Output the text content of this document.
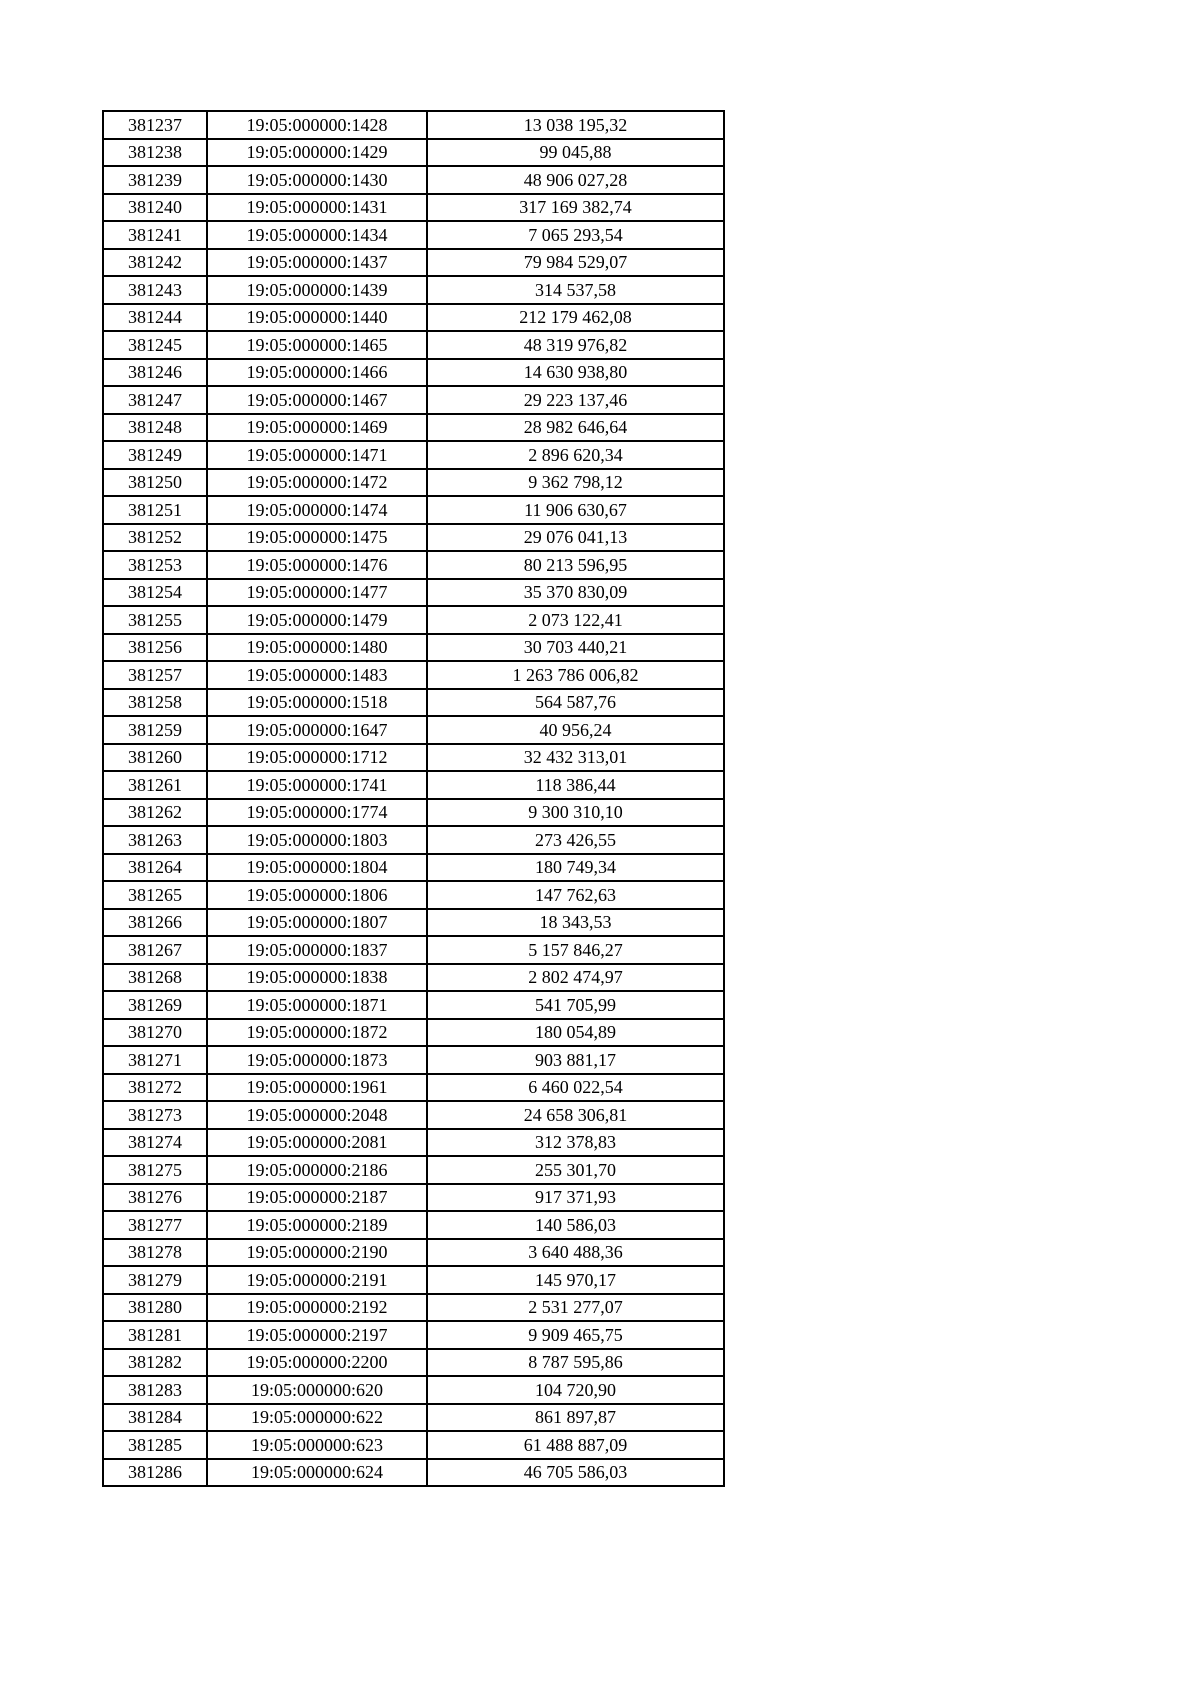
381237	19:05:000000:1428	13 038 195,32
381238	19:05:000000:1429	99 045,88
381239	19:05:000000:1430	48 906 027,28
381240	19:05:000000:1431	317 169 382,74
381241	19:05:000000:1434	7 065 293,54
381242	19:05:000000:1437	79 984 529,07
381243	19:05:000000:1439	314 537,58
381244	19:05:000000:1440	212 179 462,08
381245	19:05:000000:1465	48 319 976,82
381246	19:05:000000:1466	14 630 938,80
381247	19:05:000000:1467	29 223 137,46
381248	19:05:000000:1469	28 982 646,64
381249	19:05:000000:1471	2 896 620,34
381250	19:05:000000:1472	9 362 798,12
381251	19:05:000000:1474	11 906 630,67
381252	19:05:000000:1475	29 076 041,13
381253	19:05:000000:1476	80 213 596,95
381254	19:05:000000:1477	35 370 830,09
381255	19:05:000000:1479	2 073 122,41
381256	19:05:000000:1480	30 703 440,21
381257	19:05:000000:1483	1 263 786 006,82
381258	19:05:000000:1518	564 587,76
381259	19:05:000000:1647	40 956,24
381260	19:05:000000:1712	32 432 313,01
381261	19:05:000000:1741	118 386,44
381262	19:05:000000:1774	9 300 310,10
381263	19:05:000000:1803	273 426,55
381264	19:05:000000:1804	180 749,34
381265	19:05:000000:1806	147 762,63
381266	19:05:000000:1807	18 343,53
381267	19:05:000000:1837	5 157 846,27
381268	19:05:000000:1838	2 802 474,97
381269	19:05:000000:1871	541 705,99
381270	19:05:000000:1872	180 054,89
381271	19:05:000000:1873	903 881,17
381272	19:05:000000:1961	6 460 022,54
381273	19:05:000000:2048	24 658 306,81
381274	19:05:000000:2081	312 378,83
381275	19:05:000000:2186	255 301,70
381276	19:05:000000:2187	917 371,93
381277	19:05:000000:2189	140 586,03
381278	19:05:000000:2190	3 640 488,36
381279	19:05:000000:2191	145 970,17
381280	19:05:000000:2192	2 531 277,07
381281	19:05:000000:2197	9 909 465,75
381282	19:05:000000:2200	8 787 595,86
381283	19:05:000000:620	104 720,90
381284	19:05:000000:622	861 897,87
381285	19:05:000000:623	61 488 887,09
381286	19:05:000000:624	46 705 586,03
